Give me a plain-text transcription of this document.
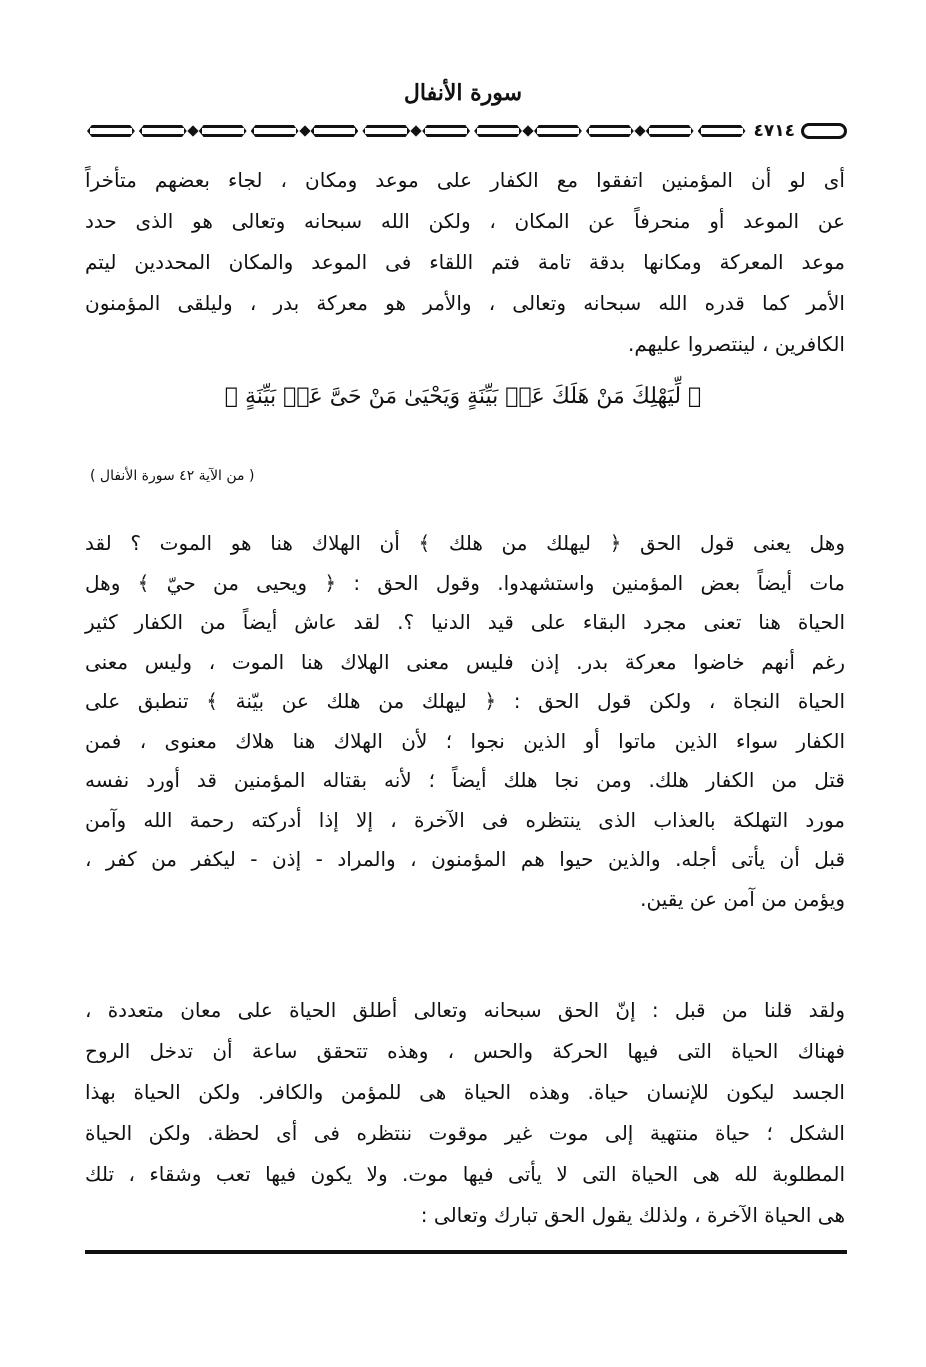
سورة الأنفال
٤٧١٤
أى لو أن المؤمنين اتفقوا مع الكفار على موعد ومكان ، لجاء بعضهم متأخراً
عن الموعد أو منحرفاً عن المكان ، ولكن الله سبحانه وتعالى هو الذى حدد
موعد المعركة ومكانها بدقة تامة فتم اللقاء فى الموعد والمكان المحددين ليتم
الأمر كما قدره الله سبحانه وتعالى ، والأمر هو معركة بدر ، وليلقى المؤمنون
الكافرين ، لينتصروا عليهم.
﴿ لِّيَهْلِكَ مَنْ هَلَكَ عَنۢ بَيِّنَةٍ وَيَحْيَىٰ مَنْ حَىَّ عَنۢ بَيِّنَةٍ ﴾
( من الآية ٤٢ سورة الأنفال )
وهل يعنى قول الحق ﴿ ليهلك من هلك ﴾ أن الهلاك هنا هو الموت ؟ لقد
مات أيضاً بعض المؤمنين واستشهدوا. وقول الحق : ﴿ ويحيى من حيّ ﴾ وهل
الحياة هنا تعنى مجرد البقاء على قيد الدنيا ؟. لقد عاش أيضاً من الكفار كثير
رغم أنهم خاضوا معركة بدر. إذن فليس معنى الهلاك هنا الموت ، وليس معنى
الحياة النجاة ، ولكن قول الحق : ﴿ ليهلك من هلك عن بيّنة ﴾ تنطبق على
الكفار سواء الذين ماتوا أو الذين نجوا ؛ لأن الهلاك هنا هلاك معنوى ، فمن
قتل من الكفار هلك. ومن نجا هلك أيضاً ؛ لأنه بقتاله المؤمنين قد أورد نفسه
مورد التهلكة بالعذاب الذى ينتظره فى الآخرة ، إلا إذا أدركته رحمة الله وآمن
قبل أن يأتى أجله. والذين حيوا هم المؤمنون ، والمراد - إذن - ليكفر من كفر ،
ويؤمن من آمن عن يقين.
ولقد قلنا من قبل : إنّ الحق سبحانه وتعالى أطلق الحياة على معان متعددة ،
فهناك الحياة التى فيها الحركة والحس ، وهذه تتحقق ساعة أن تدخل الروح
الجسد ليكون للإنسان حياة. وهذه الحياة هى للمؤمن والكافر. ولكن الحياة بهذا
الشكل ؛ حياة منتهية إلى موت غير موقوت ننتظره فى أى لحظة. ولكن الحياة
المطلوبة لله هى الحياة التى لا يأتى فيها موت. ولا يكون فيها تعب وشقاء ، تلك
هى الحياة الآخرة ، ولذلك يقول الحق تبارك وتعالى :
